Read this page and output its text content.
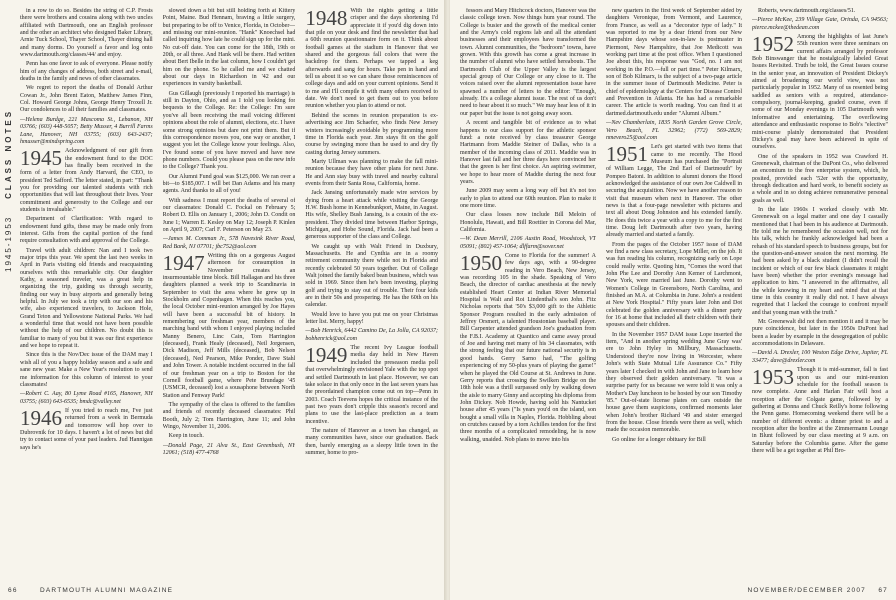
1945-1953    CLASS NOTES

in a row to do so. Besides the string of C.P. Frosts there were brothers and cousins along with two uncles affiliated with Dartmouth, one an English professor and the other an architect who designed Baker Library, Arnie Tuck School, Thayer School, Thayer dining hall and many dorms. Do yourself a favor and log onto www.dartmouth.org/classes/44/ and enjoy.

Penn has one favor to ask of everyone. Please notify him of any changes of address, both street and e-mail, deaths in the family and news of other classmates.

We regret to report the deaths of Donald Arthur Cowan Jr., John Brent Eaton, Matthew James Finn, Col. Howard George Johns, George Henry Troxell Jr. Our condolences to all their families and classmates.

—Helena Burdge, 221 Mascoma St., Lebanon, NH 03766; (603) 448-5057; Betty Musser, 4 Burrill Farms Lane, Hanover, NH 03755; (603) 643-2437; hmusser@mindspring.com

1945 Acknowledgment of our gift from the endowment fund to the DOC has finally been received in the form of a letter from Andy Harvard, the CEO, to president Ted Safford. The letter stated, in part: "Thank you for providing our talented students with rich opportunities that will last throughout their lives. Your commitment and generosity to the College and our students is invaluable."

Department of Clarification: With regard to endowment fund gifts, these may be made only from interest. Gifts from the capital portion of the fund require consultation with and approval of the College.

Travel with adult children: Nan and I took two major trips this year. We spent the last two weeks in April in Paris visiting old friends and reacquainting ourselves with this remarkable city. Our daughter Kathy, a seasoned traveler, was a great help in organizing the trip, guiding us through security, finding our way in busy airports and generally being helpful. In July we took a trip with our son and his wife, also experienced travelers, to Jackson Hole, Grand Teton and Yellowstone National Parks. We had a wonderful time that would not have been possible without the help of our children. No doubt this is familiar to many of you but it was our first experience and we hope to repeat it.

Since this is the Nov/Dec issue of the DAM may I wish all of you a happy holiday season and a safe and sane new year. Make a New Year's resolution to send me information for this column of interest to your classmates!

—Robert C. Aay, 80 Lyme Road #165, Hanover, NH 03755; (603) 643-6535; bmdc@valley.net

1946 If you tried to reach me, I've just returned from a week in Bermuda and tomorrow will hop over to Dubrovnik for 10 days. I haven't a lot of news but did try to contact some of your past leaders. Jud Hannigan says he's

slowed down a bit but still holding forth at Kittery Point, Maine. Bud Hennam, braving a little surgery, but preparing to be off to Venice, Florida, in October—and missing our mini-reunion. "Hank" Knoechsel had called inquiring how late he could sign up for the mini. No cut-off date. You can come for the 18th, 19th or 20th, or all three. And Hank will be there. Had written about Bert Ibelle in the last column, how I couldn't get him on the phone. So he called me and we chatted about our days in Richardson in '42 and our experiences in varsity basketball.

Gus Gillaugh (previously I reported his marriage) is still in Dayton, Ohio, and as I told you looking for bequests to the College. Re: the College: I'm sure you've all been receiving the mail voicing different opinions about the role of alumni, elections, etc. I have some strong opinions but dare not print them. But if this correspondence moves you, one way or another, I suggest you let the College know your feelings. Also, I've found some of you have moved and have new phone numbers. Could you please pass on the new info to the College? Thank you.

Our Alumni Fund goal was $125,000. We ran over a bit—to $185,007. I will bet Dan Adams and his many agents. And thanks to all of you!

With sadness I must report the deaths of several of our classmates: Donald C. Fockal on February 5; Robert D. Ellis on January 1, 2006; John D. Condit on June 1; Warren E. Kesley on May 12; Joseph P. Kinlen on April 9, 2007; Carl F. Peterson on May 23.

—James M. Comman Jr., 578 Navesink River Road, Red Bank, NJ 07701; jbc752@aol.com

1947 Writing this on a gorgeous August afternoon for consumption in November creates an insurmountable time block. Bill Hallagan and his three daughters planned a week trip to Scandinavia in September to visit the area where he grew up in Stockholm and Copenhagen. When this reaches you, the local October mini-reunion arranged by Joe Hayes will have been a successful bit of history. In remembering our freshman year, members of the marching band with whom I enjoyed playing included Manny Benero, Linc Cain, Tom Harrington (deceased), Frank Healy (deceased), Neil Jorgensen, Dick Madison, Jeff Mills (deceased), Bob Nelson (deceased), Ned Pearson, Mike Ponder, Dave Stahl and John Tower. A notable incident occurred in the fall of our freshman year on a trip to Boston for the Cornell football game, where Pete Brundage '45 (USMCR, deceased) lost a sousaphone between North Station and Fenway Park!

The sympathy of the class is offered to the families and friends of recently deceased classmates: Phil Booth, July 2; Tom Harrington, June 11; and John Wingo, November 11, 2006.

Keep in touch.

—Donald Page, 21 Alva St., East Greenbush, NY 12061; (518) 477-4768

1948 With the nights getting a little crisper and the days shortening I'd appreciate it if you'd dig down into that pile on your desk and find the newsletter that had a 60th reunion questionnaire form on it. Think about football games at the stadium in Hanover that we shared and the gorgeous fall colors that were the backdrop for them. Perhaps we tapped a keg afterwards and sang for hours. Take pen in hand and tell us about it so we can share those reminiscences of college days and add on your current opinions. Send it to me and I'll compile it with many others received to date. We don't need to get them out to you before reunion whether you plan to attend or not.

Behind the scenes in reunion preparation is ex-advertising ace Jim Schaefer, who finds New Jersey winters increasingly avoidable by programming more time in Florida each year. Jim stays fit on the golf course by swinging more than he used to and dry fly casting during Jersey summers.

Marty Ullman was planning to make the fall mini-reunion because they have other plans for next June. He and Ann stay busy with travel and nearby cultural events from their Santa Rosa, California, home.

Jack Jansing unfortunately made wire services by dying from a heart attack while visiting the George H.W. Bush home in Kennebunkport, Maine, in August. His wife, Shelley Bush Jansing, is a cousin of the ex-president. They divided time between Harbor Springs, Michigan, and Hobe Sound, Florida. Jack had been a generous supporter of the class and College.

We caught up with Walt Friend in Duxbury, Massachusetts. He and Cynthia are in a roomy retirement community there while not in Florida and recently celebrated 50 years together. Out of College Walt joined the family baked bean business, which was sold in 1969. Since then he's been investing, playing golf and trying to stay out of trouble. Their four kids are in their 50s and prospering. He has the 60th on his calendar.

Would love to have you put me on your Christmas letter list. Merry, happy!

—Bob Henrick, 6442 Camino De, La Jolla, CA 92037; bobhenrick@aol.com

1949 The recent Ivy League football media day held in New Haven included the preseason media poll that overwhelmingly envisioned Yale with the top spot and settled Dartmouth in last place. However, we can take solace in that only once in the last seven years has the preordained champion come out on top—Penn in 2003. Coach Teevens hopes the critical instance of the past two years don't cripple this season's record and plans to use the last-place prediction as a team incentive.

The nature of Hanover as a town has changed, as many communities have, since our graduation. Back then, barely emerging as a sleepy little town in the summer, home to pro-

66	DARTMOUTH ALUMNI MAGAZINE

fessors and Mary Hitchcock doctors, Hanover was the classic college town. Now things hum year round. The College is busier and the growth of the medical center and the Army's cold regions lab and all the attendant businesses and their employees have transformed the town. Alumni communities, the "bedroom" towns, have grown. With this growth has come a great increase in the number of alumni who have settled hereabouts. The Dartmouth Club of the Upper Valley is the largest special group of Our College or any close to it. The voices raised over the alumni representation issue have spawned a number of letters to the editor: "Enough, already. It's a college alumni issue. The rest of us don't need to hear about it so much." We may hear less of it in our paper but the issue is not going away soon.

A recent and tangible bit of evidence as to what happens to our class support for the athletic sponsor fund: a note received by class treasurer George Hartmann from Maddie Steiner of Dallas, who is a member of the incoming class of 2011. Maddie was in Hanover last fall and her three days here convinced her that the green is her first choice. An aspiring swimmer, we hope to hear more of Maddie during the next four years.

June 2009 may seem a long way off but it's not too early to plan to attend our 60th reunion. Plan to make it one more time.

Our class losses now include Bill Meloin of Honolulu, Hawaii, and Bill Roettier in Corona del Mar, California.

—W. Dean Merrill, 2106 Austin Road, Woodstock, VT 05091; (802) 457-1064; dlffarm@sover.net

1950 Come to Florida for the summer! A few days ago, with a 90-degree reading in Vero Beach, New Jersey, was recording 105 in the shade. Speaking of Vero Beach, the director of cardiac anesthesia at the newly established Heart Center at Indian River Memorial Hospital is Walt and Roi Lindenthal's son John. Fitz Nicholas reports that '50's $3,000 gift to the Athletic Sponsor Program resulted in the early admission of Jeffrey Orsmert, a talented Houstonian baseball player. Bill Carpenter attended grandson Joe's graduation from the F.B.I. Academy at Quantico and came away proud of Joe and having met many of his 34 classmates, with the strong feeling that our future national security is in good hands. Gerry Sarno had, "The golfing experiencing of my 50-plus years of playing the game!" when he played the Old Course at St. Andrews in June. Gerry reports that crossing the Swilken Bridge on the 18th hole was a thrill surpassed only by walking down the aisle to marry Ginny and accepting his diploma from John Dickey. Nob Howde, having sold his Nantucket house after 45 years ("Is years you'd on the island, son bought a small villa in Naples, Florida. Hobbling about on crutches caused by a torn Achilles tendon for the first three months of a complicated remodeling, he is now walking, unaided. Nob plans to move into his

new quarters in the first week of September aided by daughters Veronique, from Vermont, and Laurence, from France, as well as a "decorator type of lady." It was reported to me by a dear friend from our New Hampshire days whose son-in-law is postmaster in Piermont, New Hampshire, that Joe Medicott was working part time at the post office. When I questioned Joe about this, his response was "God, no. I am not working in the P.O.—full or part time." Peter Kilmarx, son of Bob Kilmarx, is the subject of a two-page article in the summer issue of Dartmouth Medicine. Peter is chief of epidemiology at the Centers for Disease Control and Prevention in Atlanta. He has had a remarkable career. The article is worth reading. You can find it at dartmed.dartmouth.edu under "Alumni Album."

—Nev Chamberlain, 1835 North Garden Grove Circle, Vero Beach, FL 32962; (772) 569-2829; nmevero25@aol.com

1951 Let's get started with two items that came to me recently. The Hood Museum has purchased the "Portrait of William Legge, The 2nd Earl of Dartmouth" by Pompeo Batoni. In addition to alumni donors the Hood acknowledged the assistance of our own Joe Caldwell in securing the acquisition. Now we have another reason to visit that museum when next in Hanover. The other news is that a four-page newsletter with pictures and text all about Doug Johnston and his extended family. He does this twice a year with a copy to me for the first time. Doug left Dartmouth after two years, having already married and started a family.

From the pages of the October 1957 issue of DAM we find a new class secretary, Lope Miller, on the job. It was fun reading his column, recognizing early on Lope could really write. Quoting him, "Comes the word that John Phe Lee and Dorothy Ann Kemer of Larchmont, New York, were married last June. Dorothy went to Women's College in Greensboro, North Carolina, and finished an M.A. at Columbia in June. John's a resident at New York Hospital." Fifty years later John and Dot celebrated the golden anniversary with a dinner party for 16 at home that included all their children with their spouses and their children.

In the November 1957 DAM issue Lope inserted the item, "And in another spring wedding June Gray was' ere to John Hyley in Millbury, Massachusetts. Understood they're now living in Worcester, where John's with State Mutual Life Assurance Co." Fifty years later I checked in with John and Jane to learn how they observed their golden anniversary. "It was a surprise party for us because we were told it was only a Mother's Day luncheon to be hosted by our son Timothy '85." Out-of-state license plates on cars outside the house gave them suspicions, confirmed moments later when John's brother Richard '49 and sister emerged from the house. Close friends were there as well, which made the occasion memorable.

Go online for a longer obituary for Bill

Roberts, www.dartmouth.org/classes/51.

—Pierce McKee, 239 Village Gate, Orinda, CA 94563; pierce.mckee@thedean.com

1952 Among the highlights of last June's 55th reunion were three seminars on current affairs arranged by professor Bob Binswanger that he nostalgically labeled Great Issues Revisited. Truth be told, the Great Issues course in the senior year, an innovation of President Dickey's aimed at broadening our world view, was not particularly popular in 1952. Many of us resented being saddled as seniors with a required, attendance-compulsory, journal-keeping, graded course, even if some of our Monday evenings in 105 Dartmouth were informative and entertaining. The overflowing attendance and enthusiastic response to Bob's "elective" mini-course plainly demonstrated that President Dickey's goal may have been achieved in spite of ourselves.

One of the speakers in 1952 was Crawford H. Greenewalt, chairman of the DuPont Co., who delivered an encomium to the free enterprise system, which, he posited, provided each '52er with the opportunity, through dedication and hard work, to benefit society as a whole and in so doing achieve remunerative personal goals as well.

In the late 1960s I worked closely with Mr. Greenewalt on a legal matter and one day I casually mentioned that I had been in his audience at Dartmouth. He told me he remembered the occasion well, not for his talk, which he frankly acknowledged had been a rehash of his standard speech to business groups, but for the question-and-answer session the next morning. He had been asked by a black student (I didn't recall the incident or which of our few black classmates it might have been) whether the prior evening's message had application to him. "I answered in the affirmative, all the while knowing in my heart and mind that at that time in this country it really did not. I have always regretted that I lacked the courage to confront myself and that young man with the truth."

Mr. Greenewalt did not then mention it and it may be pure coincidence, but later in the 1950s DuPont had been a leader by example in the desegregation of public accommodations in Delaware.

—David A. Drexler, 100 Weston Edge Drive, Jupiter, FL 33477; dave@drexler.com

1953 Though it is mid-summer, fall is fast upon us and our mini-reunion schedule for the football season is now complete. Anne and Harlan Fair will host a reception after the Colgate game, followed by a gathering at Donna and Chuck Reilly's home following the Penn game. Homecoming weekend there will be a number of different events: a dinner priest to and a reception after the bonfire at the Zimmermann Lounge in Blunt followed by our class meeting at 9 a.m. on Saturday before the Columbia game. After the game there will be a get together at Phil Bro-

NOVEMBER/DECEMBER 2007 67
